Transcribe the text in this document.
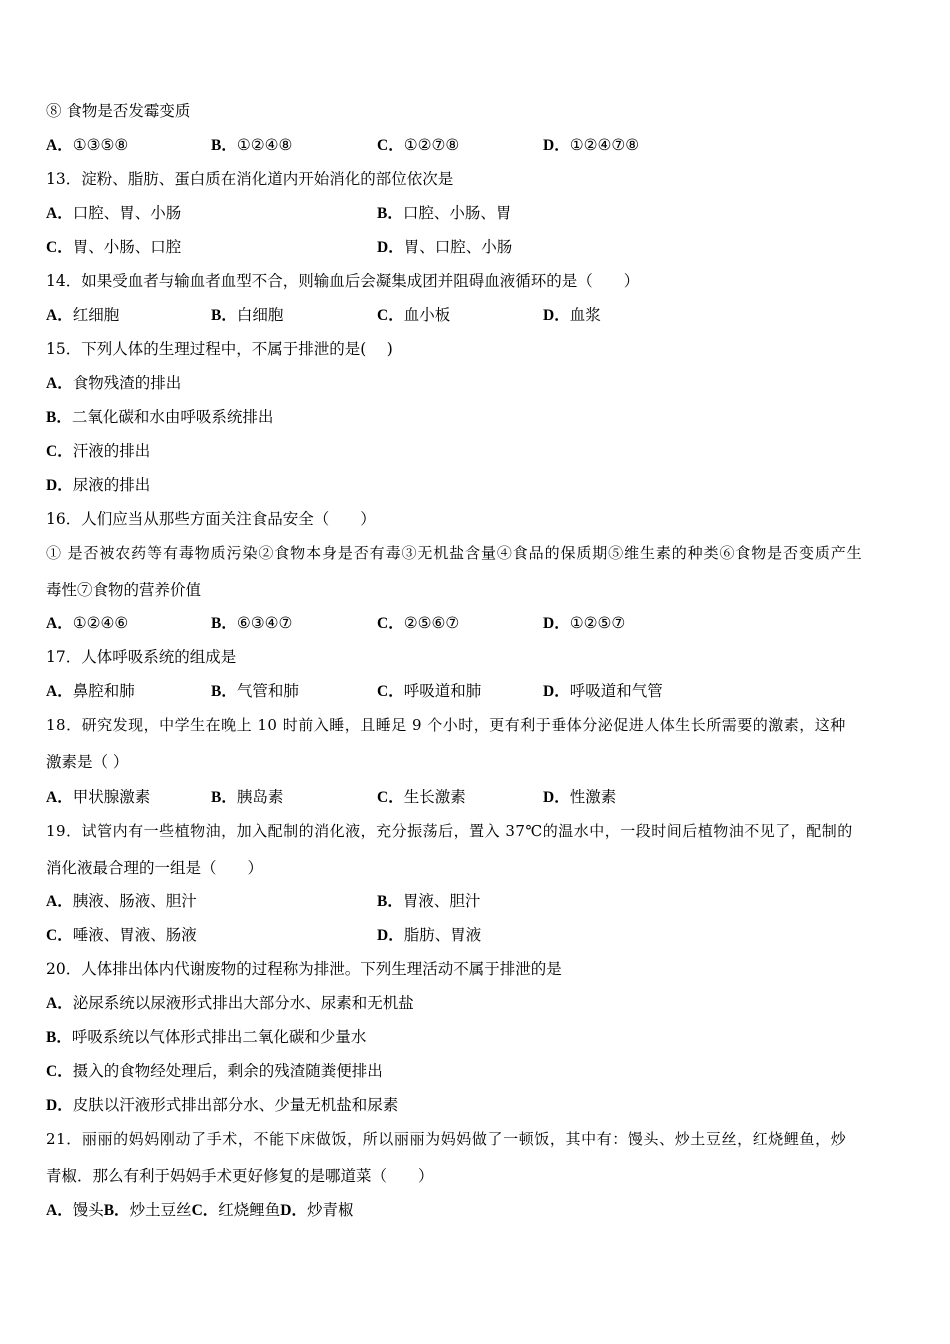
⑧ 食物是否发霉变质
A．①③⑤⑧	B．①②④⑧	C．①②⑦⑧	D．①②④⑦⑧
13．淀粉、脂肪、蛋白质在消化道内开始消化的部位依次是
A．口腔、胃、小肠	B．口腔、小肠、胃
C．胃、小肠、口腔	D．胃、口腔、小肠
14．如果受血者与输血者血型不合，则输血后会凝集成团并阻碍血液循环的是（　　）
A．红细胞	B．白细胞	C．血小板	D．血浆
15．下列人体的生理过程中，不属于排泄的是(　 )
A．食物残渣的排出
B．二氧化碳和水由呼吸系统排出
C．汗液的排出
D．尿液的排出
16．人们应当从那些方面关注食品安全（　　）
① 是否被农药等有毒物质污染②食物本身是否有毒③无机盐含量④食品的保质期⑤维生素的种类⑥食物是否变质产生
毒性⑦食物的营养价值
A．①②④⑥	B．⑥③④⑦	C．②⑤⑥⑦	D．①②⑤⑦
17．人体呼吸系统的组成是
A．鼻腔和肺	B．气管和肺	C．呼吸道和肺	D．呼吸道和气管
18．研究发现，中学生在晚上 10 时前入睡，且睡足 9 个小时，更有利于垂体分泌促进人体生长所需要的激素，这种
激素是（ ）
A．甲状腺激素	B．胰岛素	C．生长激素	D．性激素
19．试管内有一些植物油，加入配制的消化液，充分振荡后，置入 37℃的温水中，一段时间后植物油不见了，配制的
消化液最合理的一组是（　　）
A．胰液、肠液、胆汁	B．胃液、胆汁
C．唾液、胃液、肠液	D．脂肪、胃液
20．人体排出体内代谢废物的过程称为排泄。下列生理活动不属于排泄的是
A．泌尿系统以尿液形式排出大部分水、尿素和无机盐
B．呼吸系统以气体形式排出二氧化碳和少量水
C．摄入的食物经处理后，剩余的残渣随粪便排出
D．皮肤以汗液形式排出部分水、少量无机盐和尿素
21．丽丽的妈妈刚动了手术，不能下床做饭，所以丽丽为妈妈做了一顿饭，其中有：馒头、炒土豆丝，红烧鲤鱼，炒
青椒．那么有利于妈妈手术更好修复的是哪道菜（　　）
A．馒头B．炒土豆丝C．红烧鲤鱼D．炒青椒
